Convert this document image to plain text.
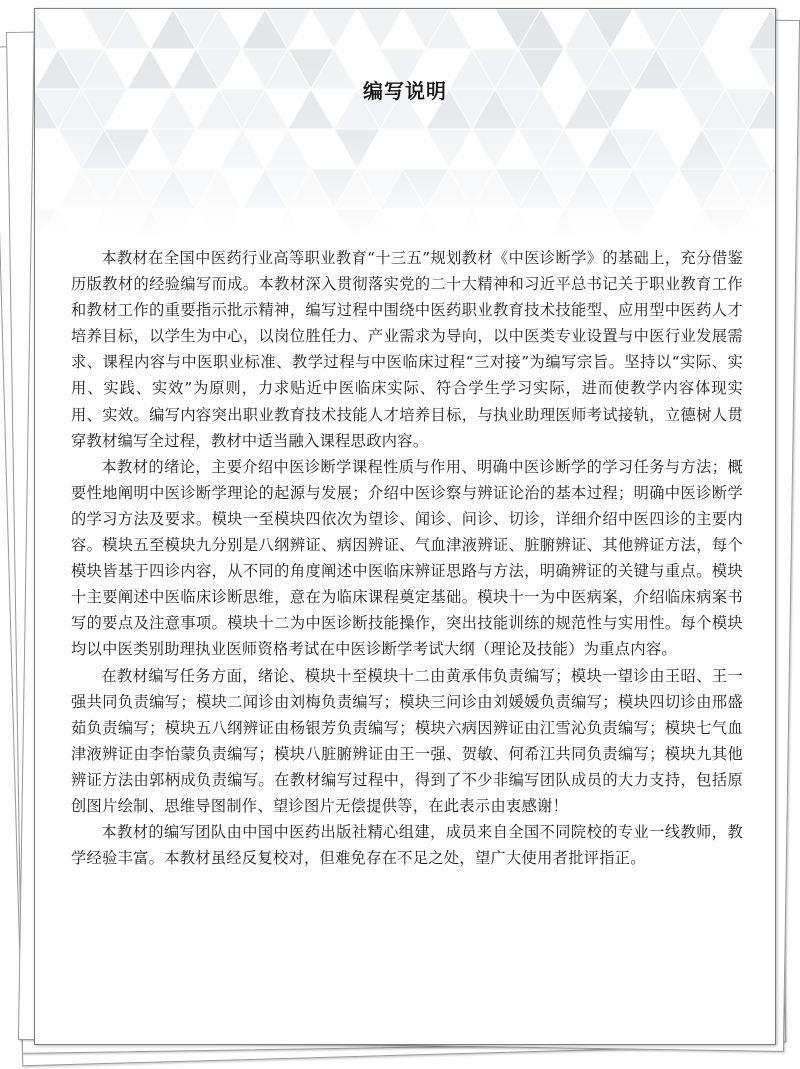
编写说明

本教材在全国中医药行业高等职业教育“十三五”规划教材《中医诊断学》的基础上，充分借鉴历版教材的经验编写而成。本教材深入贯彻落实党的二十大精神和习近平总书记关于职业教育工作和教材工作的重要指示批示精神，编写过程中围绕中医药职业教育技术技能型、应用型中医药人才培养目标，以学生为中心，以岗位胜任力、产业需求为导向，以中医类专业设置与中医行业发展需求、课程内容与中医职业标准、教学过程与中医临床过程“三对接”为编写宗旨。坚持以“实际、实用、实践、实效”为原则，力求贴近中医临床实际、符合学生学习实际，进而使教学内容体现实用、实效。编写内容突出职业教育技术技能人才培养目标，与执业助理医师考试接轨，立德树人贯穿教材编写全过程，教材中适当融入课程思政内容。

本教材的绪论，主要介绍中医诊断学课程性质与作用、明确中医诊断学的学习任务与方法；概要性地阐明中医诊断学理论的起源与发展；介绍中医诊察与辨证论治的基本过程；明确中医诊断学的学习方法及要求。模块一至模块四依次为望诊、闻诊、问诊、切诊，详细介绍中医四诊的主要内容。模块五至模块九分别是八纲辨证、病因辨证、气血津液辨证、脏腑辨证、其他辨证方法，每个模块皆基于四诊内容，从不同的角度阐述中医临床辨证思路与方法，明确辨证的关键与重点。模块十主要阐述中医临床诊断思维，意在为临床课程奠定基础。模块十一为中医病案，介绍临床病案书写的要点及注意事项。模块十二为中医诊断技能操作，突出技能训练的规范性与实用性。每个模块均以中医类别助理执业医师资格考试在中医诊断学考试大纲（理论及技能）为重点内容。

在教材编写任务方面，绪论、模块十至模块十二由黄承伟负责编写；模块一望诊由王昭、王一强共同负责编写；模块二闻诊由刘梅负责编写；模块三问诊由刘媛媛负责编写；模块四切诊由邢盛茹负责编写；模块五八纲辨证由杨银芳负责编写；模块六病因辨证由江雪沁负责编写；模块七气血津液辨证由李怡蒙负责编写；模块八脏腑辨证由王一强、贺敏、何希江共同负责编写；模块九其他辨证方法由郭柄成负责编写。在教材编写过程中，得到了不少非编写团队成员的大力支持，包括原创图片绘制、思维导图制作、望诊图片无偿提供等，在此表示由衷感谢！

本教材的编写团队由中国中医药出版社精心组建，成员来自全国不同院校的专业一线教师，教学经验丰富。本教材虽经反复校对，但难免存在不足之处，望广大使用者批评指正。
